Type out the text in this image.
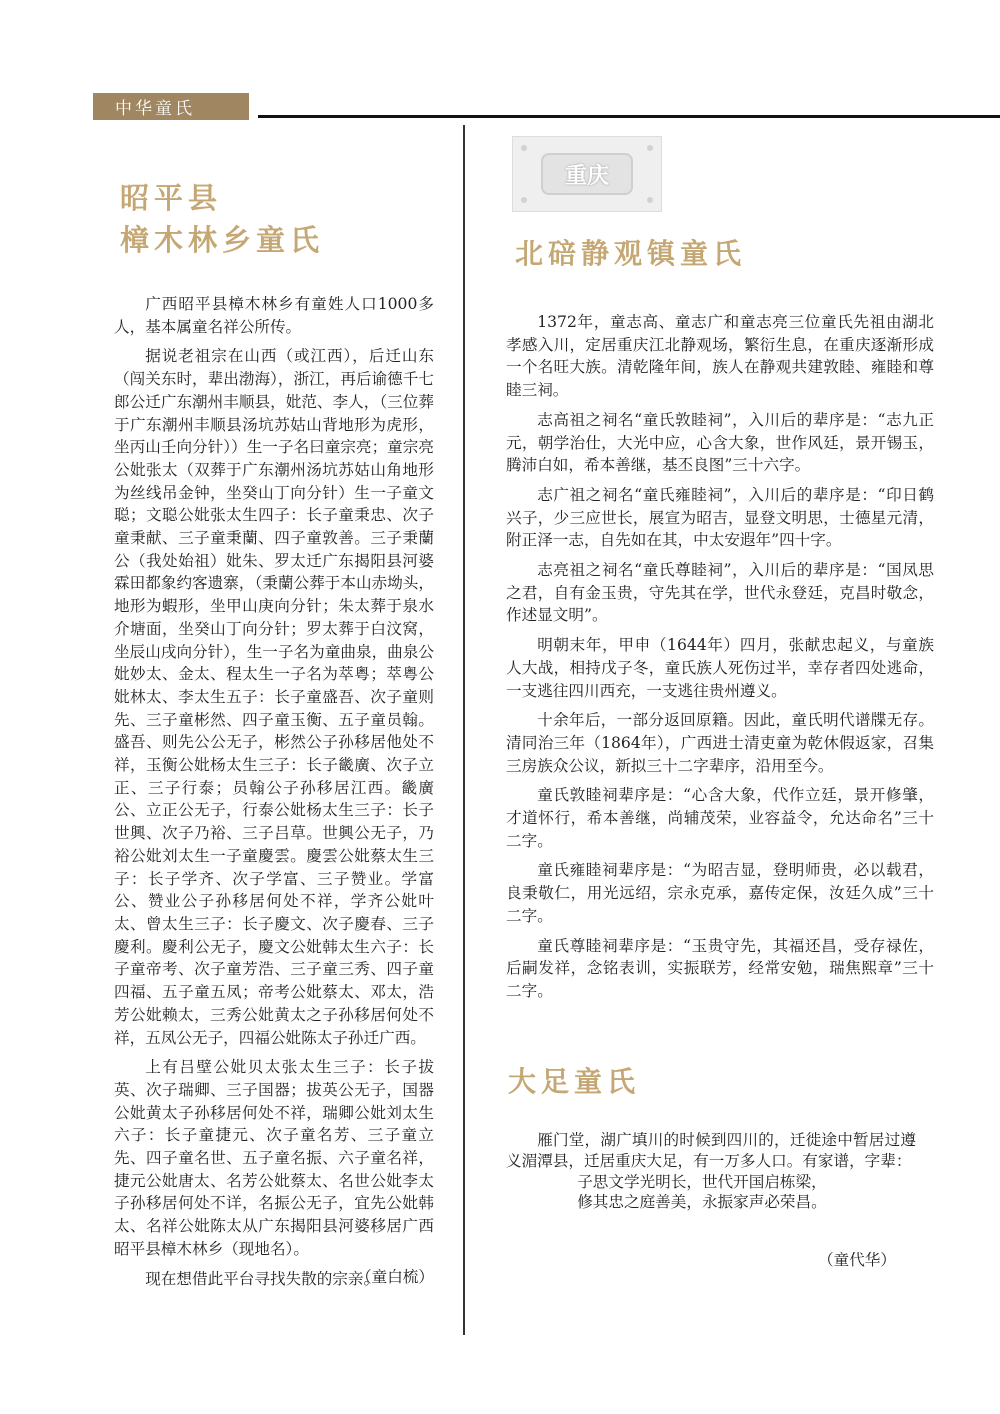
中华童氏
昭平县
樟木林乡童氏

广西昭平县樟木林乡有童姓人口1000多人，基本属童名祥公所传。

据说老祖宗在山西（或江西），后迁山东（闯关东时，辈出渤海），浙江，再后谕德千七郎公迁广东潮州丰顺县，妣范、李人，（三位葬于广东潮州丰顺县汤坑苏姑山背地形为虎形，坐丙山壬向分针））生一子名曰童宗亮；童宗亮公妣张太（双葬于广东潮州汤坑苏姑山角地形为丝线吊金钟，坐癸山丁向分针）生一子童文聪；文聪公妣张太生四子：长子童秉忠、次子童秉献、三子童秉蘭、四子童敦善。三子秉蘭公（我处始祖）妣朱、罗太迁广东揭阳县河婆霖田都象约客遗寨，（秉蘭公葬于本山赤坳头，地形为蝦形，坐甲山庚向分针；朱太葬于泉水介塘面，坐癸山丁向分针；罗太葬于白汶窝，坐辰山戌向分针），生一子名为童曲泉，曲泉公妣妙太、金太、程太生一子名为萃粤；萃粤公妣林太、李太生五子：长子童盛吾、次子童则先、三子童彬然、四子童玉衡、五子童员翰。盛吾、则先公公无子，彬然公子孙移居他处不祥，玉衡公妣杨太生三子：长子畿廣、次子立正、三子行泰；员翰公子孙移居江西。畿廣公、立正公无子，行泰公妣杨太生三子：长子世興、次子乃裕、三子吕草。世興公无子，乃裕公妣刘太生一子童慶雲。慶雲公妣蔡太生三子：长子学齐、次子学富、三子赞业。学富公、赞业公子孙移居何处不祥，学齐公妣叶太、曾太生三子：长子慶文、次子慶春、三子慶利。慶利公无子，慶文公妣韩太生六子：长子童帝考、次子童芳浩、三子童三秀、四子童四福、五子童五凤；帝考公妣蔡太、邓太，浩芳公妣赖太，三秀公妣黄太之子孙移居何处不祥，五凤公无子，四福公妣陈太子孙迁广西。

上有吕壁公妣贝太张太生三子：长子拔英、次子瑞卿、三子国器；拔英公无子，国器公妣黄太子孙移居何处不祥，瑞卿公妣刘太生六子：长子童捷元、次子童名芳、三子童立先、四子童名世、五子童名振、六子童名祥，捷元公妣唐太、名芳公妣蔡太、名世公妣李太子孙移居何处不详，名振公无子，宜先公妣韩太、名祥公妣陈太从广东揭阳县河婆移居广西昭平县樟木林乡（现地名）。

现在想借此平台寻找失散的宗亲。

（童白梳）
重庆
北碚静观镇童氏

1372年，童志高、童志广和童志亮三位童氏先祖由湖北孝感入川，定居重庆江北静观场，繁衍生息，在重庆逐渐形成一个名旺大族。清乾隆年间，族人在静观共建敦睦、雍睦和尊睦三祠。

志高祖之祠名“童氏敦睦祠”，入川后的辈序是：“志九正元，朝学治仕，大光中应，心含大象，世作风廷，景开锡玉，腾沛白如，希本善继，基丕良图”三十六字。

志广祖之祠名“童氏雍睦祠”，入川后的辈序是：“印日鹤兴子，少三应世长，展宣为昭吉，显登文明思，士德星元清，附正泽一志，自先如在其，中太安遐年”四十字。

志亮祖之祠名“童氏尊睦祠”，入川后的辈序是：“国凤思之君，自有金玉贵，守先其在学，世代永登廷，克昌时敬念，作述显文明”。

明朝末年，甲申（1644年）四月，张献忠起义，与童族人大战，相持戊子冬，童氏族人死伤过半，幸存者四处逃命，一支逃往四川西充，一支逃往贵州遵义。

十余年后，一部分返回原籍。因此，童氏明代谱牒无存。清同治三年（1864年），广西进士清吏童为乾休假返家，召集三房族众公议，新拟三十二字辈序，沿用至今。

童氏敦睦祠辈序是：“心含大象，代作立廷，景开修肇，才道怀行，希本善继，尚辅茂荣，业容益令，允达命名”三十二字。

童氏雍睦祠辈序是：“为昭吉显，登明师贵，必以载君，良秉敬仁，用光远绍，宗永克承，嘉传定保，汝廷久成”三十二字。

童氏尊睦祠辈序是：“玉贵守先，其福还昌，受存禄佐，后嗣发祥，念铭表训，实振联芳，经常安勉，瑞焦熙章”三十二字。

大足童氏

雁门堂，湖广填川的时候到四川的，迁徙途中暂居过遵义湄潭县，迁居重庆大足，有一万多人口。有家谱，字辈：

子思文学光明长，世代开国启栋梁，

修其忠之庭善美，永振家声必荣昌。

（童代华）
